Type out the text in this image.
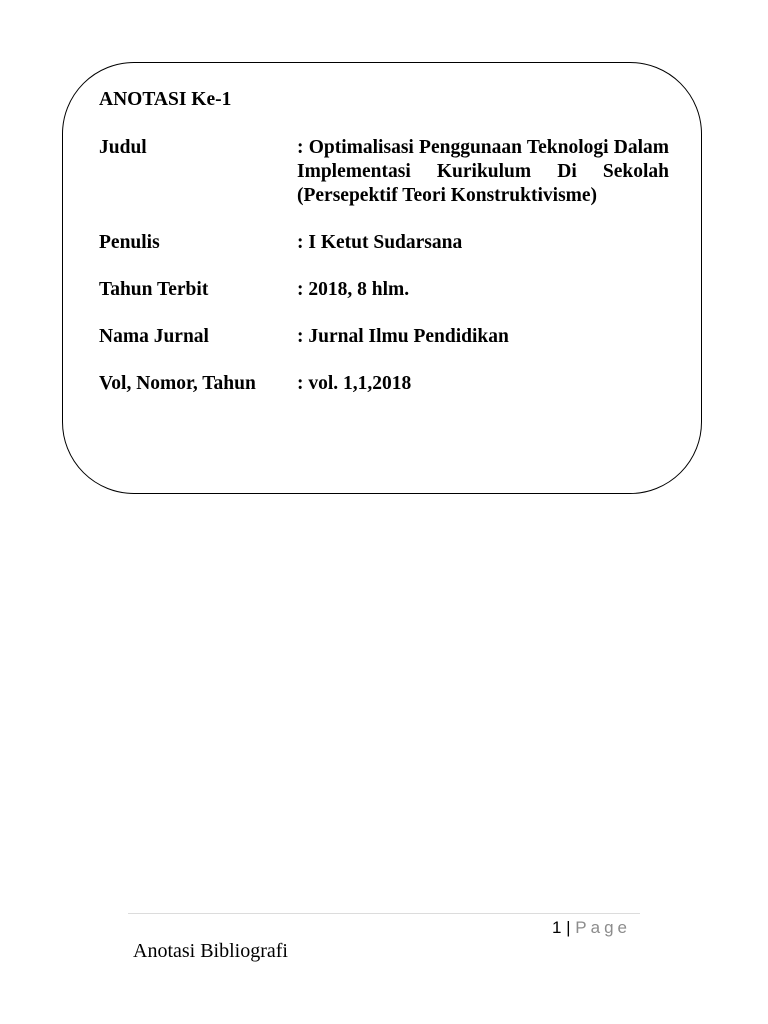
ANOTASI Ke-1
Judul	: Optimalisasi Penggunaan Teknologi Dalam Implementasi Kurikulum Di Sekolah (Persepektif Teori Konstruktivisme)
Penulis	: I Ketut Sudarsana
Tahun Terbit	: 2018, 8 hlm.
Nama Jurnal	: Jurnal Ilmu Pendidikan
Vol, Nomor, Tahun	: vol. 1,1,2018
1 | Page
Anotasi Bibliografi
